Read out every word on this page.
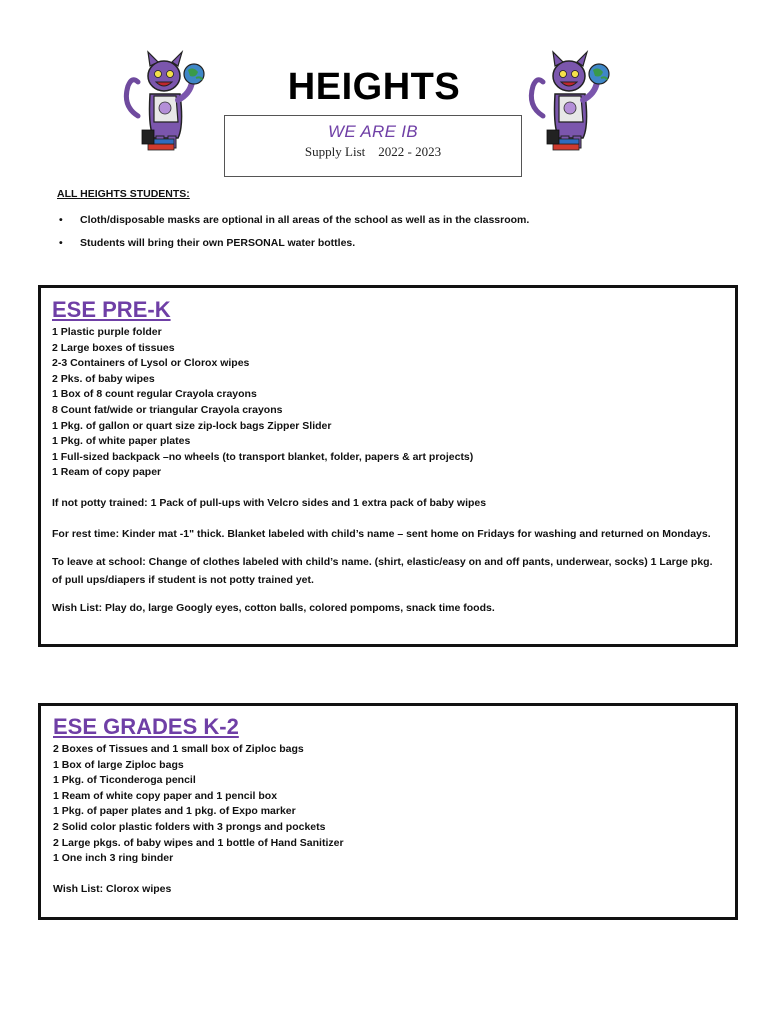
HEIGHTS
WE ARE IB
Supply List    2022 - 2023
ALL HEIGHTS STUDENTS:
• Cloth/disposable masks are optional in all areas of the school as well as in the classroom.
• Students will bring their own PERSONAL water bottles.
ESE PRE-K
1 Plastic purple folder
2 Large boxes of tissues
2-3 Containers of Lysol or Clorox wipes
2 Pks. of baby wipes
1 Box of 8 count regular Crayola crayons
8 Count fat/wide or triangular Crayola crayons
1 Pkg. of gallon or quart size zip-lock bags Zipper Slider
1 Pkg. of white paper plates
1 Full-sized backpack –no wheels (to transport blanket, folder, papers & art projects)
1 Ream of copy paper

If not potty trained: 1 Pack of pull-ups with Velcro sides and 1 extra pack of baby wipes

For rest time: Kinder mat -1" thick. Blanket labeled with child’s name – sent home on Fridays for washing and returned on Mondays.

To leave at school: Change of clothes labeled with child’s name. (shirt, elastic/easy on and off pants, underwear, socks) 1 Large pkg. of pull ups/diapers if student is not potty trained yet.

Wish List: Play do, large Googly eyes, cotton balls, colored pompoms, snack time foods.

ESE GRADES K-2
2 Boxes of Tissues and 1 small box of Ziploc bags
1 Box of large Ziploc bags
1 Pkg. of Ticonderoga pencil
1 Ream of white copy paper and 1 pencil box
1 Pkg. of paper plates and 1 pkg. of Expo marker
2 Solid color plastic folders with 3 prongs and pockets
2 Large pkgs. of baby wipes and 1 bottle of Hand Sanitizer
1 One inch 3 ring binder

Wish List: Clorox wipes
